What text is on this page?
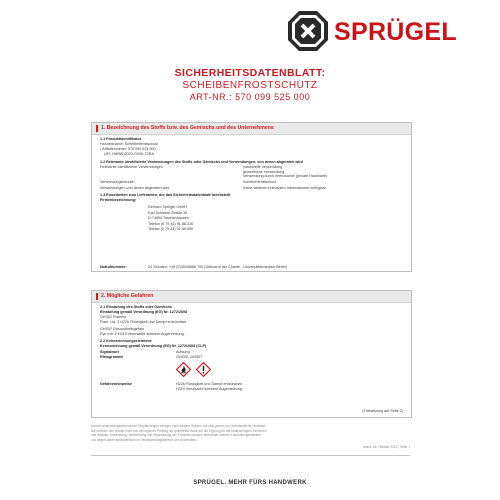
SPRÜGEL
SICHERHEITSDATENBLATT:
SCHEIBENFROSTSCHUTZ
ART-NR.: 570 099 525 000
1. Bezeichnung des Stoffs bzw. des Gemischs und des Unternehmens
1.1 Produktidentifikator
Handelsname: Scheibenfrostschutz
• Artikelnummer: 570 099 525 000
UFI: HHBW-6020-G00K-T2RA
1.2 Relevante identifizierte Verwendungen des Stoffs oder Gemischs und Verwendungen, von denen abgeraten wird
Relevante identifizierte Verwendungen	industrielle Verwendung
gewerbliche Verwendung
Verwendung durch Verbraucher (private Haushalte)
Verwendungsbereich	Scheibenfrostschutz
Verwendungen, von denen abgeraten wird	Keine weiteren relevanten Informationen verfügbar.
1.3 Einzelheiten zum Lieferanten, der das Sicherheitsdatenblatt bereitstellt
Firmenbezeichnung:
Gerhard Sprügel GmbH
Karl-Schwarz-Straße 39
D-74653 Stachenhausen
Telefon (0 79 43) 91 88-330
Telefax (0 79 43) 91 88-990
Notrufnummer:	24 Stunden: +49 (0)30/30686 700 (Giftnotruf der Charité - Universitätsmedizin Berlin)
2. Mögliche Gefahren
2.1 Einstufung des Stoffs oder Gemischs
Einstufung gemäß Verordnung (EG) Nr. 1272/2008
GHS02 Flamme
Flam. Liq. 3 H226 Flüssigkeit und Dampf entzündbar.
GHS07 Gesundheitsgefahr
Eye Irrit. 2 H319 Verursacht schwere Augenreizung.
2.2 Kennzeichnungselemente
Kennzeichnung gemäß Verordnung (EG) Nr. 1272/2008 (CLP)
Signalwort	Achtung
Piktogramme	GHS02, GHS07
Gefahrenhinweise	H226 Flüssigkeit und Dampf entzündbar.
H319 Verursacht schwere Augenreizung.
(Fortsetzung auf Seite 2)
Unsere anwendungstechnischen Empfehlungen erfolgen nach bestem Wissen, sie sind jedoch nur unverbindliche Hinweise.
Sie befreien den Käufer nicht von der eigenen Prüfung der gelieferten Ware auf die Eignung für die beabsichtigten Verfahren
und Zwecke. Anwendung, Verwendung und Verarbeitung der Produkte erfolgen außerhalb unserer Kontrollmöglichkeiten
und liegen daher ausschließlich im Verantwortungsbereich des Anwenders.
Stand: 18. Oktober 2022 | Seite 1
SPRÜGEL. MEHR FÜRS HANDWERK
